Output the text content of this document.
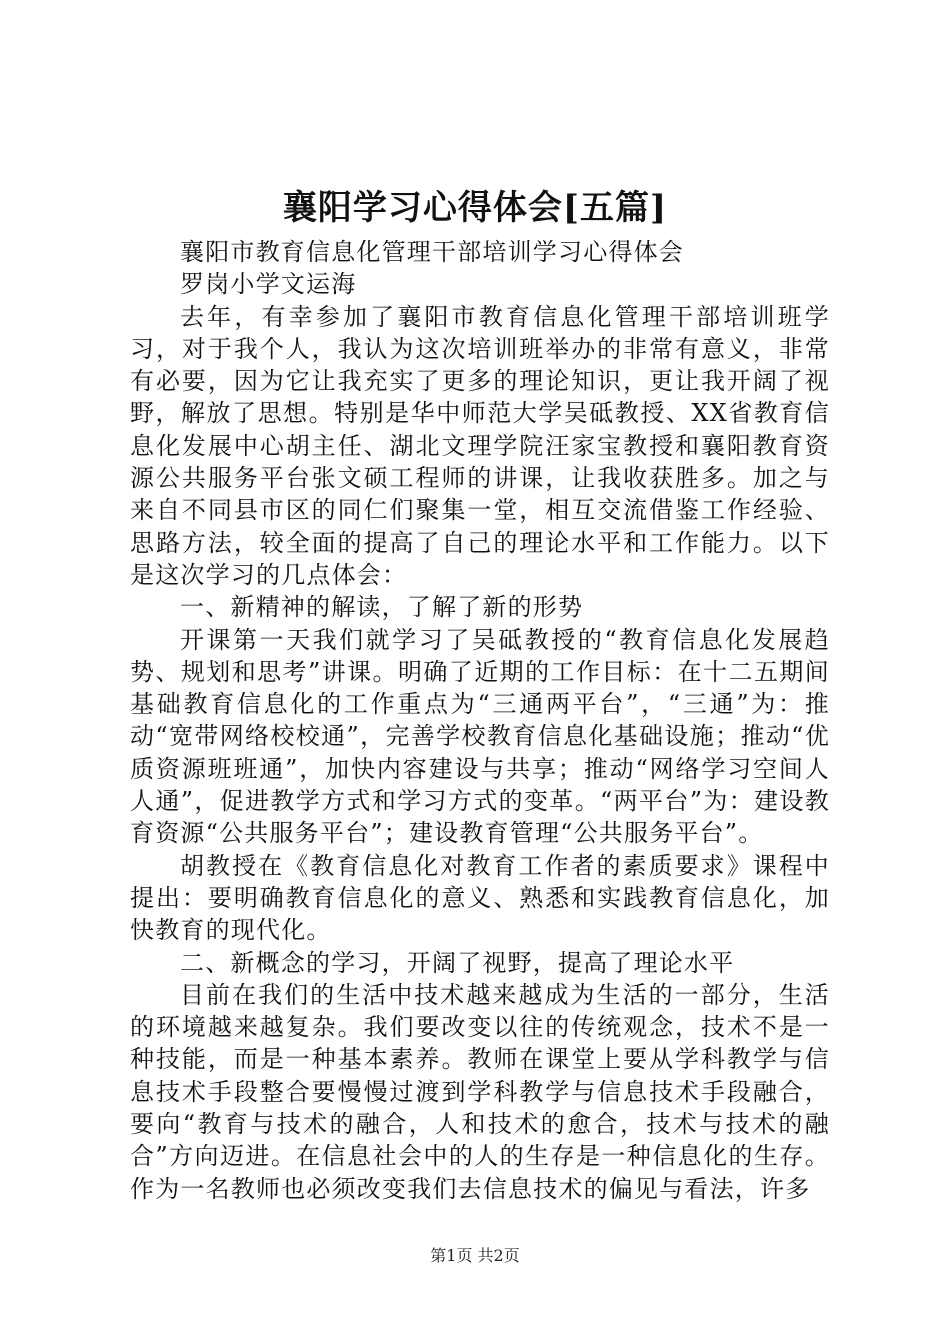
襄阳学习心得体会[五篇]

襄阳市教育信息化管理干部培训学习心得体会

罗岗小学文运海

去年，有幸参加了襄阳市教育信息化管理干部培训班学习，对于我个人，我认为这次培训班举办的非常有意义，非常有必要，因为它让我充实了更多的理论知识，更让我开阔了视野，解放了思想。特别是华中师范大学吴砥教授、XX省教育信息化发展中心胡主任、湖北文理学院汪家宝教授和襄阳教育资源公共服务平台张文硕工程师的讲课，让我收获胜多。加之与来自不同县市区的同仁们聚集一堂，相互交流借鉴工作经验、思路方法，较全面的提高了自己的理论水平和工作能力。以下是这次学习的几点体会：

一、新精神的解读，了解了新的形势

开课第一天我们就学习了吴砥教授的“教育信息化发展趋势、规划和思考”讲课。明确了近期的工作目标：在十二五期间基础教育信息化的工作重点为“三通两平台”，“三通”为：推动“宽带网络校校通”，完善学校教育信息化基础设施；推动“优质资源班班通”，加快内容建设与共享；推动“网络学习空间人人通”，促进教学方式和学习方式的变革。“两平台”为：建设教育资源“公共服务平台”；建设教育管理“公共服务平台”。

胡教授在《教育信息化对教育工作者的素质要求》课程中提出：要明确教育信息化的意义、熟悉和实践教育信息化，加快教育的现代化。

二、新概念的学习，开阔了视野，提高了理论水平

目前在我们的生活中技术越来越成为生活的一部分，生活的环境越来越复杂。我们要改变以往的传统观念，技术不是一种技能，而是一种基本素养。教师在课堂上要从学科教学与信息技术手段整合要慢慢过渡到学科教学与信息技术手段融合，要向“教育与技术的融合，人和技术的愈合，技术与技术的融合”方向迈进。在信息社会中的人的生存是一种信息化的生存。作为一名教师也必须改变我们去信息技术的偏见与看法，许多

第1页 共2页
